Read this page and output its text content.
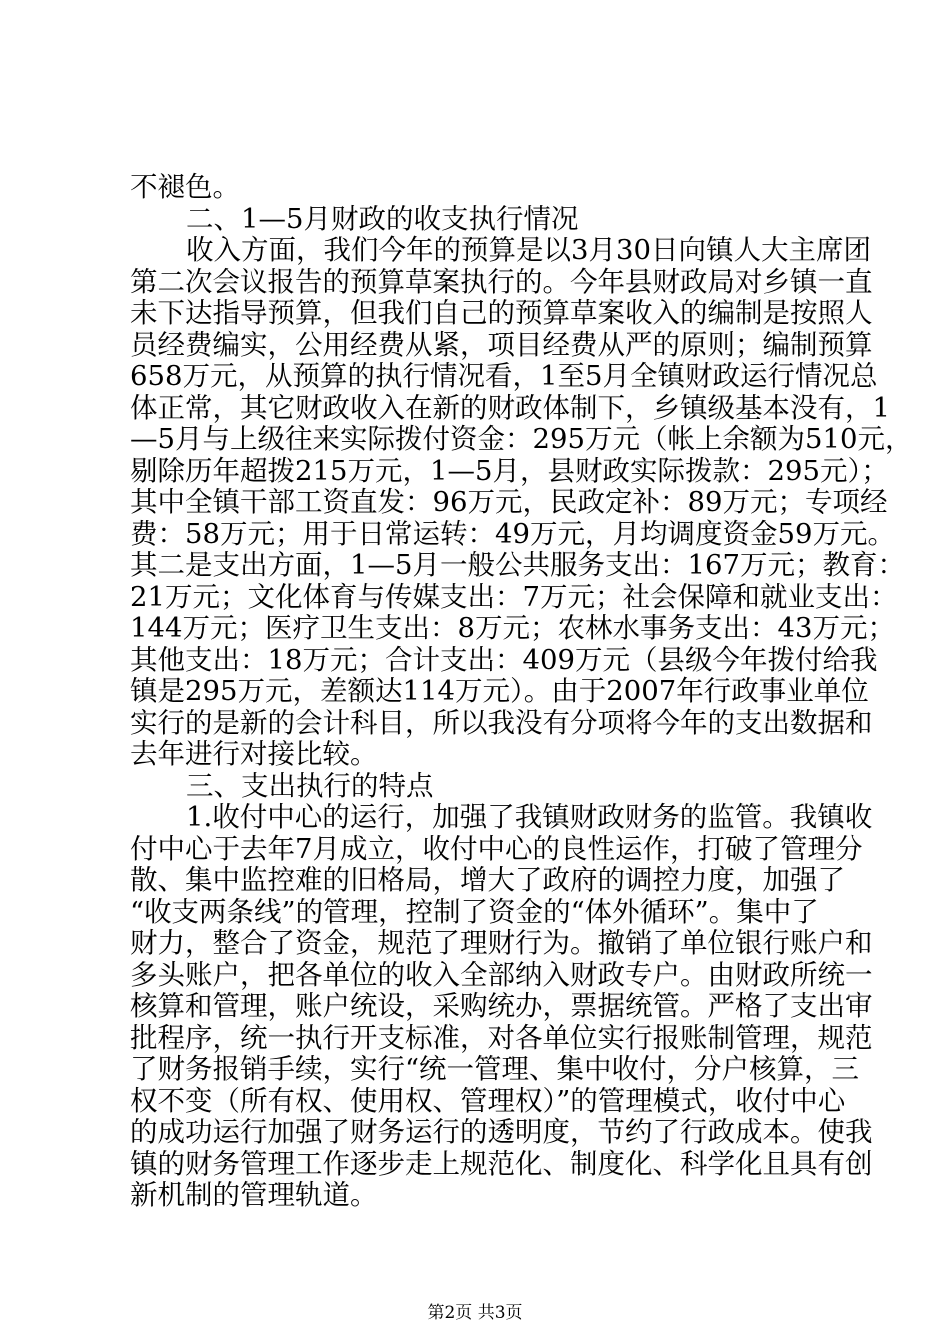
不褪色。
二、1—5月财政的收支执行情况
收入方面，我们今年的预算是以3月30日向镇人大主席团
第二次会议报告的预算草案执行的。今年县财政局对乡镇一直
未下达指导预算，但我们自己的预算草案收入的编制是按照人
员经费编实，公用经费从紧，项目经费从严的原则；编制预算
658万元，从预算的执行情况看，1至5月全镇财政运行情况总
体正常，其它财政收入在新的财政体制下，乡镇级基本没有，1
—5月与上级往来实际拨付资金：295万元（帐上余额为510元，
剔除历年超拨215万元，1—5月，县财政实际拨款：295元）；
其中全镇干部工资直发：96万元，民政定补：89万元；专项经
费：58万元；用于日常运转：49万元，月均调度资金59万元。
其二是支出方面，1—5月一般公共服务支出：167万元；教育：
21万元；文化体育与传媒支出：7万元；社会保障和就业支出：
144万元；医疗卫生支出：8万元；农林水事务支出：43万元；
其他支出：18万元；合计支出：409万元（县级今年拨付给我
镇是295万元，差额达114万元）。由于2007年行政事业单位
实行的是新的会计科目，所以我没有分项将今年的支出数据和
去年进行对接比较。
三、支出执行的特点
1.收付中心的运行，加强了我镇财政财务的监管。我镇收
付中心于去年7月成立，收付中心的良性运作，打破了管理分
散、集中监控难的旧格局，增大了政府的调控力度，加强了
“收支两条线”的管理，控制了资金的“体外循环”。集中了
财力，整合了资金，规范了理财行为。撤销了单位银行账户和
多头账户，把各单位的收入全部纳入财政专户。由财政所统一
核算和管理，账户统设，采购统办，票据统管。严格了支出审
批程序，统一执行开支标准，对各单位实行报账制管理，规范
了财务报销手续，实行“统一管理、集中收付，分户核算，三
权不变（所有权、使用权、管理权）”的管理模式，收付中心
的成功运行加强了财务运行的透明度，节约了行政成本。使我
镇的财务管理工作逐步走上规范化、制度化、科学化且具有创
新机制的管理轨道。
第2页 共3页
